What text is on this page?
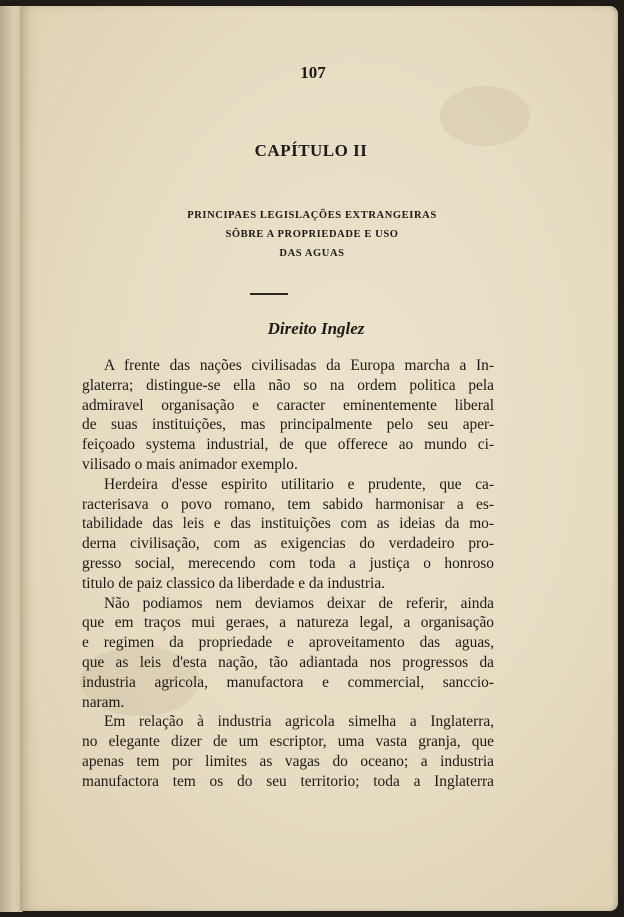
107
CAPÍTULO II
PRINCIPAES LEGISLAÇÕES EXTRANGEIRAS
SÔBRE A PROPRIEDADE E USO
DAS AGUAS
Direito Inglez
A frente das nações civilisadas da Europa marcha a In-
glaterra; distingue-se ella não so na ordem politica pela
admiravel organisação e caracter eminentemente liberal
de suas instituições, mas principalmente pelo seu aper-
feiçoado systema industrial, de que offerece ao mundo ci-
vilisado o mais animador exemplo.
Herdeira d'esse espirito utilitario e prudente, que ca-
racterisava o povo romano, tem sabido harmonisar a es-
tabilidade das leis e das instituições com as ideias da mo-
derna civilisação, com as exigencias do verdadeiro pro-
gresso social, merecendo com toda a justiça o honroso
titulo de paiz classico da liberdade e da industria.
Não podiamos nem deviamos deixar de referir, ainda
que em traços mui geraes, a natureza legal, a organisação
e regimen da propriedade e aproveitamento das aguas,
que as leis d'esta nação, tão adiantada nos progressos da
industria agricola, manufactora e commercial, sanccio-
naram.
Em relação à industria agricola simelha a Inglaterra,
no elegante dizer de um escriptor, uma vasta granja, que
apenas tem por limites as vagas do oceano; a industria
manufactora tem os do seu territorio; toda a Inglaterra
